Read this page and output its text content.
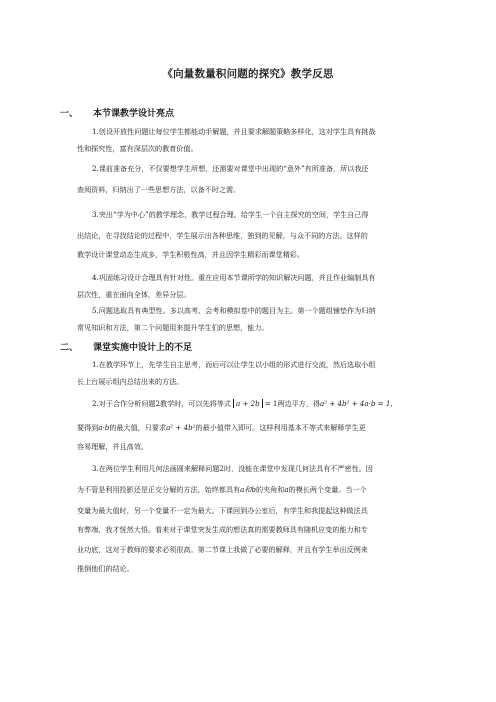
《向量数量积问题的探究》教学反思
一、 本节课教学设计亮点
1.创设开放性问题让每位学生都能动手解题，并且要求解题策略多样化，这对学生具有挑战
性和探究性，富有深层次的教育价值。
2.课前准备充分，不仅要想学生所想，还需要对课堂中出现的“意外”有所准备，所以我还
查阅资料，归纳出了一些思想方法，以备不时之需。
3.突出“学为中心”的教学理念，教学过程合理。给学生一个自主探究的空间，学生自己得
出结论，在寻找结论的过程中，学生展示出各种思维，独到的见解，与众不同的方法。这样的
教学设计课堂动态生成多，学生积极性高，并且因学生精彩而课堂精彩。
4.巩固练习设计合理具有针对性。重在应用本节课所学的知识解决问题，并且作业编制具有
层次性，重在面向全体，差异分层。
5.问题选取具有典型性。多以高考、会考和模拟卷中的题目为主。第一个题组铺垫作为归纳
常见知识和方法，第二个问题用来提升学生们的思想，能力。
二、 课堂实施中设计上的不足
1.在教学环节上，先学生自主思考，而后可以让学生以小组的形式进行交流，然后选取小组
长上台展示组内总结出来的方法。
2.对于合作分析问题2教学时，可以先将等式 a + 2b = 1两边平方，得a² + 4b² + 4a·b = 1，
要得到a·b的最大值，只要求a² + 4b²的最小值带入即可。这样利用基本不等式来解释学生更
容易理解，并且高效。
3.在两位学生利用几何法画圆来解释问题2时，没能在课堂中发现几何法具有不严密性。因
为不管是利用投影还是正交分解的方法，始终都具有a和b的夹角和a的模长两个变量。当一个
变量为最大值时，另一个变量不一定为最大。下课回到办公室后，有学生和我提起这种做法具
有弊端，我才恍然大悟。看来对于课堂突发生成的想法真的需要教师具有随机应变的能力和专
业功底，这对于教师的要求必须很高。第二节课上我做了必要的解释，并且有学生举出反例来
推倒他们的结论。
